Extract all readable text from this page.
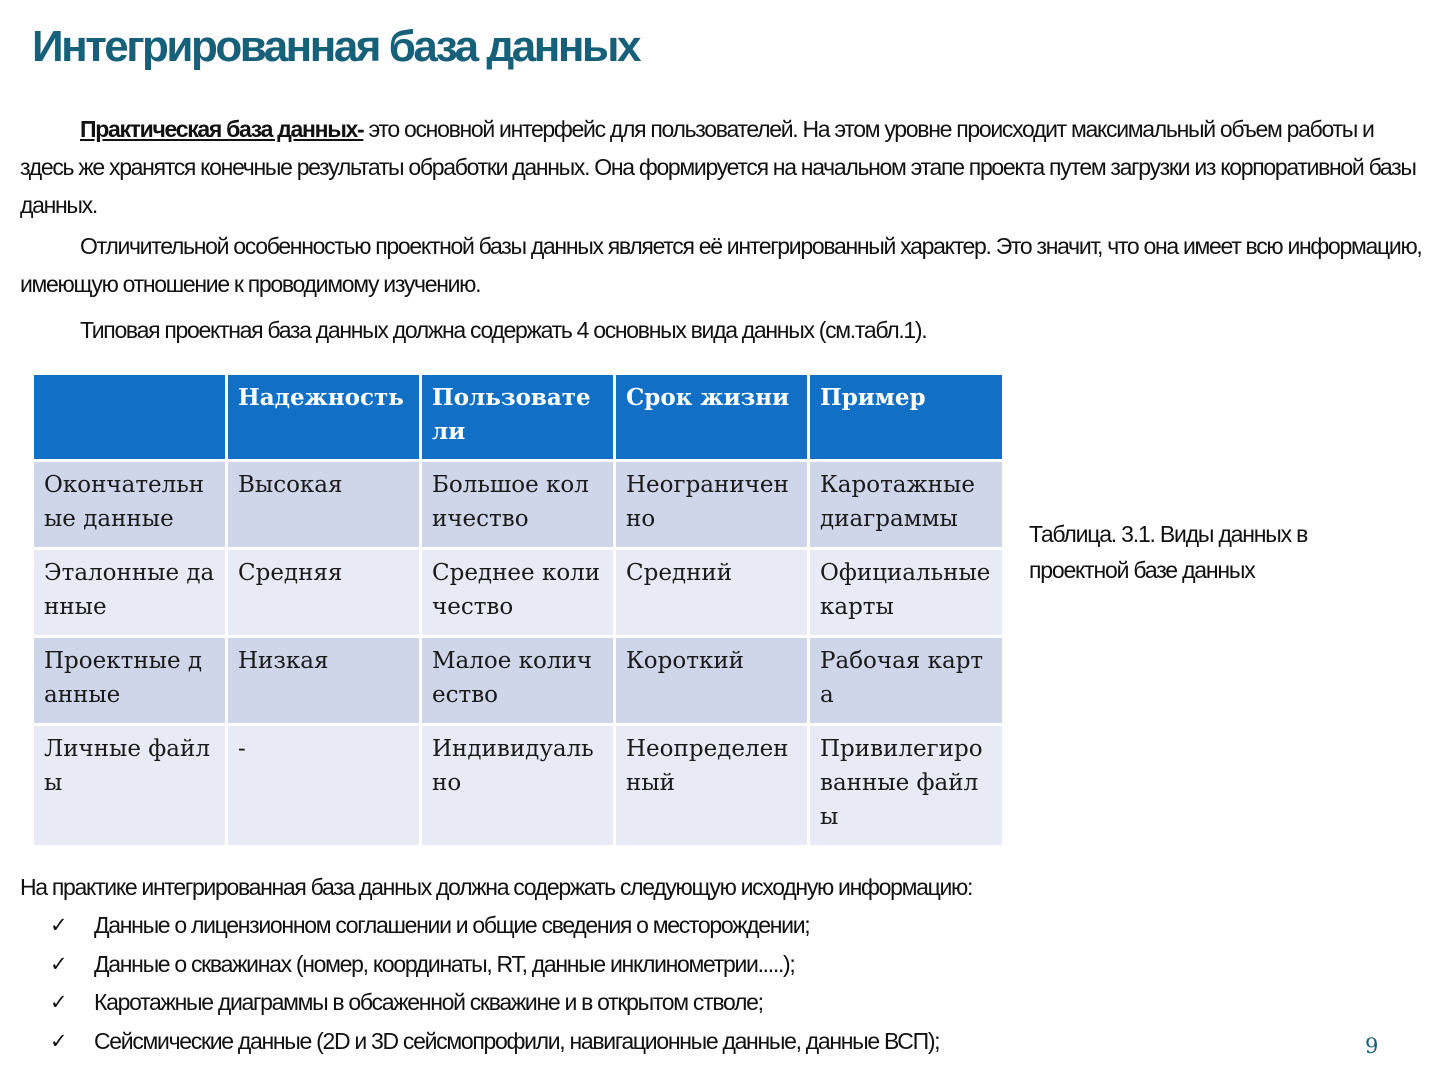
Интегрированная база данных

Практическая база данных- это основной интерфейс для пользователей. На этом уровне происходит максимальный объем работы и здесь же хранятся конечные результаты обработки данных. Она формируется на начальном этапе проекта путем загрузки из корпоративной базы данных.

Отличительной особенностью проектной базы данных является её интегрированный характер. Это значит, что она имеет всю информацию, имеющую отношение к проводимому изучению.

Типовая проектная база данных должна содержать 4 основных вида данных (см.табл.1).

	Надежность	Пользователи	Срок жизни	Пример
Окончательные данные	Высокая	Большое количество	Неограниченно	Каротажные диаграммы
Эталонные данные	Средняя	Среднее количество	Средний	Официальные карты
Проектные данные	Низкая	Малое количество	Короткий	Рабочая карта
Личные файлы	-	Индивидуально	Неопределенный	Привилегированные файлы

Таблица. 3.1. Виды данных в проектной базе данных

На практике интегрированная база данных должна содержать следующую исходную информацию:

✓	Данные о лицензионном соглашении и общие сведения о месторождении;
✓	Данные о скважинах (номер, координаты, RT, данные инклинометрии.....);
✓	Каротажные диаграммы в обсаженной скважине и в открытом стволе;
✓	Сейсмические данные (2D и 3D сейсмопрофили, навигационные данные, данные ВСП);	9
